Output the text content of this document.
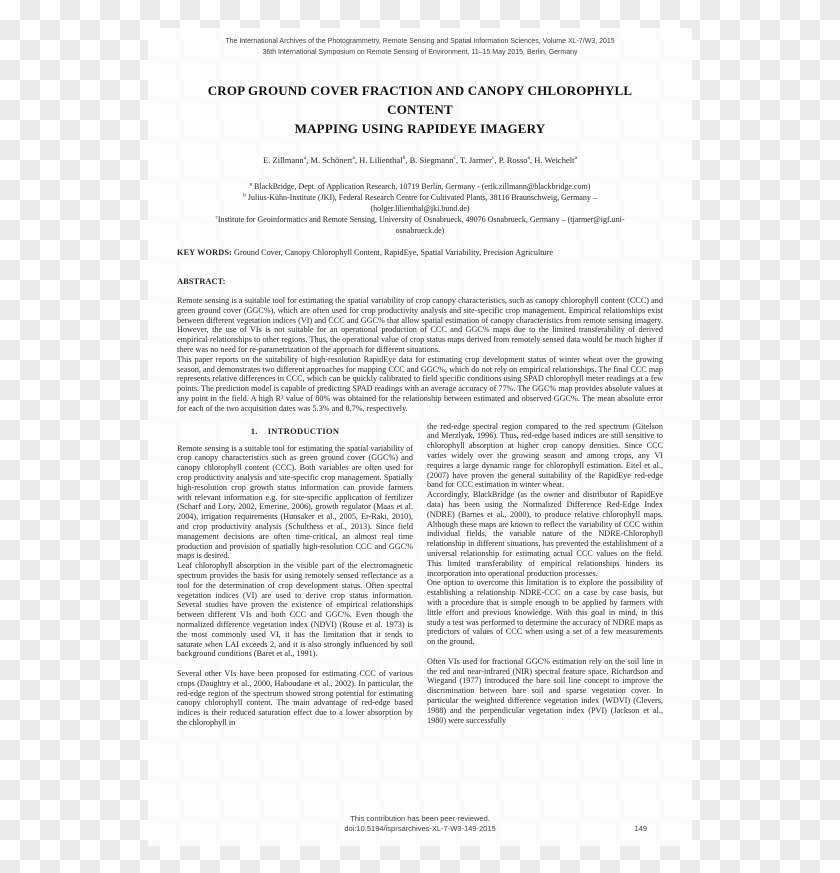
The International Archives of the Photogrammetry, Remote Sensing and Spatial Information Sciences, Volume XL-7/W3, 2015
36th International Symposium on Remote Sensing of Environment, 11–15 May 2015, Berlin, Germany
CROP GROUND COVER FRACTION AND CANOPY CHLOROPHYLL CONTENT
MAPPING USING RAPIDEYE IMAGERY
E. Zillmann$^a$, M. Schönert$^a$, H. Lilienthal$^b$, B. Siegmann$^c$, T. Jarmer$^c$, P. Rosso$^a$, H. Weichelt$^a$
$^a$ BlackBridge, Dept. of Application Research, 10719 Berlin, Germany - (erik.zillmann@blackbridge.com)
$^b$ Julius-Kühn-Institute (JKI), Federal Research Centre for Cultivated Plants, 38116 Braunschweig, Germany –
(holger.lilienthal@jki.bund.de)
$^c$Institute for Geoinformatics and Remote Sensing, University of Osnabrueck, 49076 Osnabrueck, Germany – (tjarmer@igf.uni-
osnabrueck.de)
KEY WORDS: Ground Cover, Canopy Chlorophyll Content, RapidEye, Spatial Variability, Precision Agriculture
ABSTRACT:

Remote sensing is a suitable tool for estimating the spatial variability of crop canopy characteristics, such as canopy chlorophyll content (CCC) and green ground cover (GGC%), which are often used for crop productivity analysis and site-specific crop management. Empirical relationships exist between different vegetation indices (VI) and CCC and GGC% that allow spatial estimation of canopy characteristics from remote sensing imagery. However, the use of VIs is not suitable for an operational production of CCC and GGC% maps due to the limited transferability of derived empirical relationships to other regions. Thus, the operational value of crop status maps derived from remotely sensed data would be much higher if there was no need for re-parametrization of the approach for different situations.

This paper reports on the suitability of high-resolution RapidEye data for estimating crop development status of winter wheat over the growing season, and demonstrates two different approaches for mapping CCC and GGC%, which do not rely on empirical relationships. The final CCC map represents relative differences in CCC, which can be quickly calibrated to field specific conditions using SPAD chlorophyll meter readings at a few points. The prediction model is capable of predicting SPAD readings with an average accuracy of 77%. The GGC% map provides absolute values at any point in the field. A high R² value of 80% was obtained for the relationship between estimated and observed GGC%. The mean absolute error for each of the two acquisition dates was 5.3% and 8.7%, respectively.

1. INTRODUCTION

Remote sensing is a suitable tool for estimating the spatial variability of crop canopy characteristics such as green ground cover (GGC%) and canopy chlorophyll content (CCC). Both variables are often used for crop productivity analysis and site-specific crop management. Spatially high-resolution crop growth status information can provide farmers with relevant information e.g. for site-specific application of fertilizer (Scharf and Lory, 2002, Emerine, 2006), growth regulator (Maas et al. 2004), irrigation requirements (Hunsaker et al., 2005, Er-Raki, 2010), and crop productivity analysis (Schulthess et al., 2013). Since field management decisions are often time-critical, an almost real time production and provision of spatially high-resolution CCC and GGC% maps is desired.

Leaf chlorophyll absorption in the visible part of the electromagnetic spectrum provides the basis for using remotely sensed reflectance as a tool for the determination of crop development status. Often spectral vegetation indices (VI) are used to derive crop status information. Several studies have proven the existence of empirical relationships between different VIs and both CCC and GGC%. Even though the normalized difference vegetation index (NDVI) (Rouse et al. 1973) is the most commonly used VI, it has the limitation that it tends to saturate when LAI exceeds 2, and it is also strongly influenced by soil background conditions (Baret et al., 1991).

Several other VIs have been proposed for estimating CCC of various crops (Daughtry et al., 2000, Haboudane et al., 2002). In particular, the red-edge region of the spectrum showed strong potential for estimating canopy chlorophyll content. The main advantage of red-edge based indices is their reduced saturation effect due to a lower absorption by the chlorophyll in

the red-edge spectral region compared to the red spectrum (Gitelson and Merzlyak, 1996). Thus, red-edge based indices are still sensitive to chlorophyll absorption at higher crop canopy densities. Since CCC varies widely over the growing season and among crops, any VI requires a large dynamic range for chlorophyll estimation. Eitel et al., (2007) have proven the general suitability of the RapidEye red-edge band for CCC estimation in winter wheat.

Accordingly, BlackBridge (as the owner and distributor of RapidEye data) has been using the Normalized Difference Red-Edge Index (NDRE) (Barnes et al., 2000), to produce relative chlorophyll maps. Although these maps are known to reflect the variability of CCC within individual fields, the variable nature of the NDRE-Chlorophyll relationship in different situations, has prevented the establishment of a universal relationship for estimating actual CCC values on the field. This limited transferability of empirical relationships hinders its incorporation into operational production processes.

One option to overcome this limitation is to explore the possibility of establishing a relationship NDRE-CCC on a case by case basis, but with a procedure that is simple enough to be applied by farmers with little effort and previous knowledge. With this goal in mind, in this study a test was performed to determine the accuracy of NDRE maps as predictors of values of CCC when using a set of a few measurements on the ground.

Often VIs used for fractional GGC% estimation rely on the soil line in the red and near-infrared (NIR) spectral feature space. Richardson and Wiegand (1977) introduced the bare soil line concept to improve the discrimination between bare soil and sparse vegetation cover. In particular the weighted difference vegetation index (WDVI) (Clevers, 1988) and the perpendicular vegetation index (PVI) (Jackson et al., 1980) were successfully

This contribution has been peer-reviewed.
doi:10.5194/isprsarchives-XL-7-W3-149-2015	149
